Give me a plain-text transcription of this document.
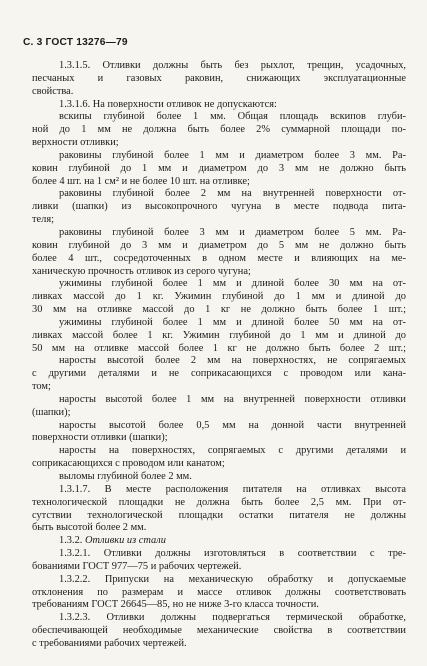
С. 3 ГОСТ 13276—79
1.3.1.5. Отливки должны быть без рыхлот, трещин, усадочных,
песчаных и газовых раковин, снижающих эксплуатационные
свойства.
1.3.1.6. На поверхности отливок не допускаются:
вскипы глубиной более 1 мм. Общая площадь вскипов глуби-
ной до 1 мм не должна быть более 2% суммарной площади по-
верхности отливки;
раковины глубиной более 1 мм и диаметром более 3 мм. Ра-
ковин глубиной до 1 мм и диаметром до 3 мм не должно быть
более 4 шт. на 1 см² и не более 10 шт. на отливке;
раковины глубиной более 2 мм на внутренней поверхности от-
ливки (шапки) из высокопрочного чугуна в месте подвода пита-
теля;
раковины глубиной более 3 мм и диаметром более 5 мм. Ра-
ковин глубиной до 3 мм и диаметром до 5 мм не должно быть
более 4 шт., сосредоточенных в одном месте и влияющих на ме-
ханическую прочность отливок из серого чугуна;
ужимины глубиной более 1 мм и длиной более 30 мм на от-
ливках массой до 1 кг. Ужимин глубиной до 1 мм и длиной до
30 мм на отливке массой до 1 кг не должно быть более 1 шт.;
ужимины глубиной более 1 мм и длиной более 50 мм на от-
ливках массой более 1 кг. Ужимин глубиной до 1 мм и длиной до
50 мм на отливке массой более 1 кг не должно быть более 2 шт.;
наросты высотой более 2 мм на поверхностях, не сопрягаемых
с другими деталями и не соприкасающихся с проводом или кана-
том;
наросты высотой более 1 мм на внутренней поверхности отливки
(шапки);
наросты высотой более 0,5 мм на донной части внутренней
поверхности отливки (шапки);
наросты на поверхностях, сопрягаемых с другими деталями и
соприкасающихся с проводом или канатом;
выломы глубиной более 2 мм.
1.3.1.7. В месте расположения питателя на отливках высота
технологической площадки не должна быть более 2,5 мм. При от-
сутствии технологической площадки остатки питателя не должны
быть высотой более 2 мм.
1.3.2. Отливки из стали
1.3.2.1. Отливки должны изготовляться в соответствии с тре-
бованиями ГОСТ 977—75 и рабочих чертежей.
1.3.2.2. Припуски на механическую обработку и допускаемые
отклонения по размерам и массе отливок должны соответствовать
требованиям ГОСТ 26645—85, но не ниже 3-го класса точности.
1.3.2.3. Отливки должны подвергаться термической обработке,
обеспечивающей необходимые механические свойства в соответствии
с требованиями рабочих чертежей.
